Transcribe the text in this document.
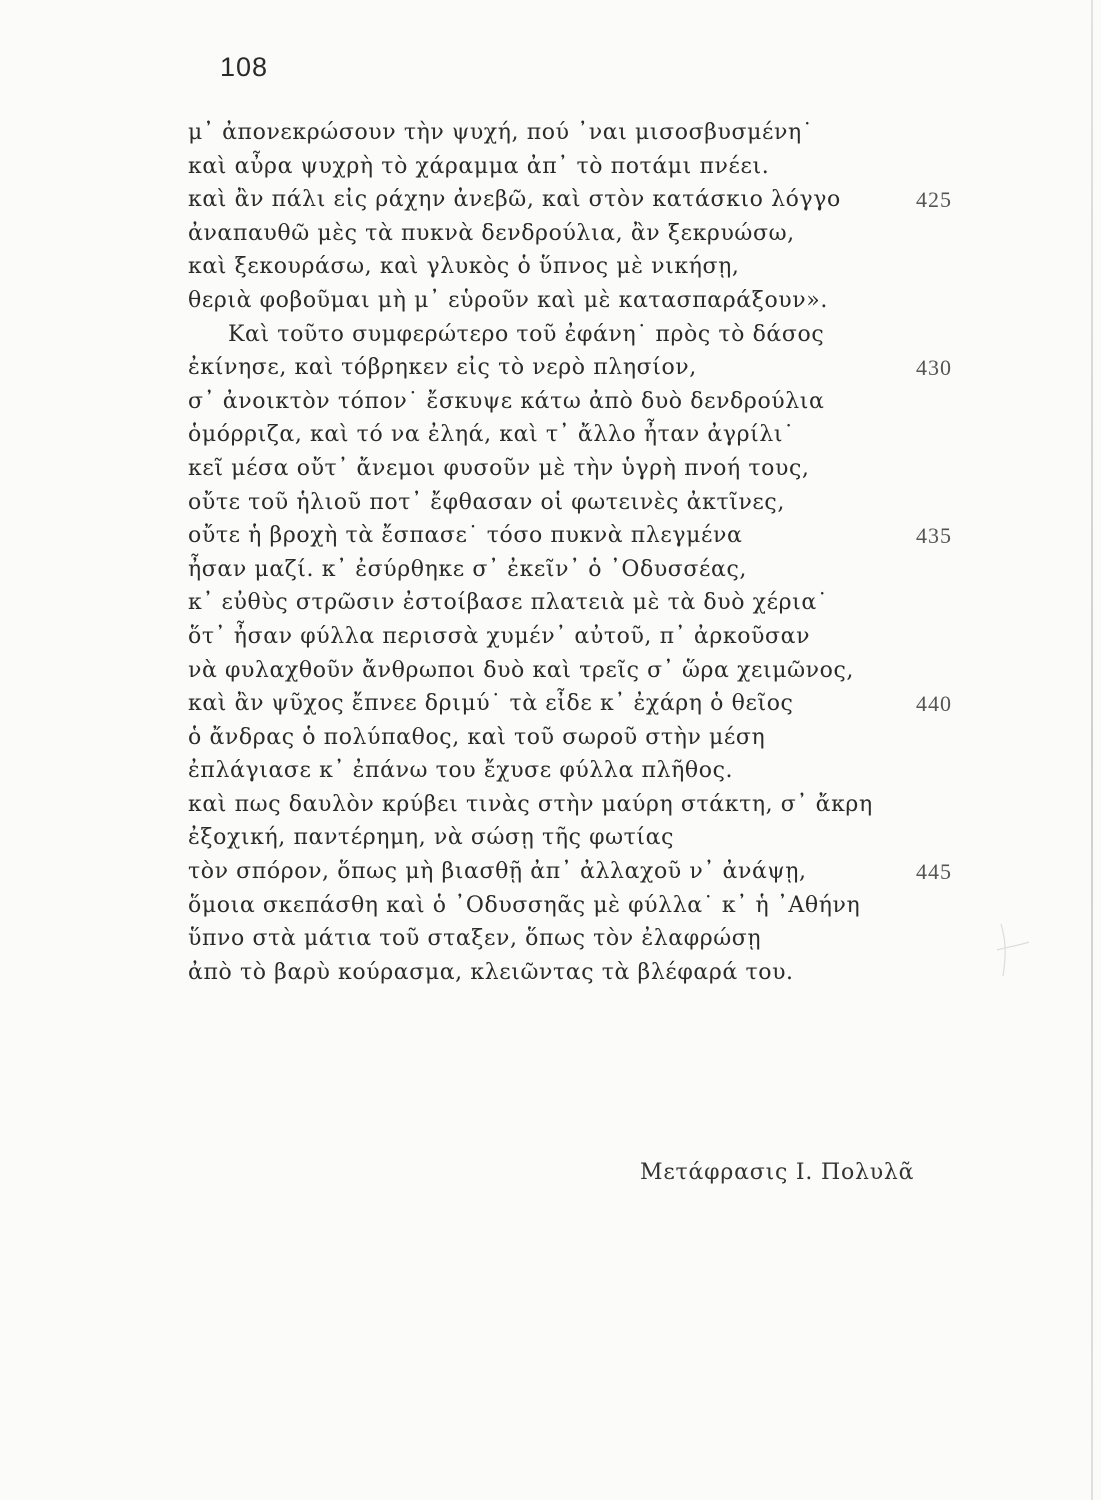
108
μ᾽ ἀπονεκρώσουν τὴν ψυχή, πού ᾽ναι μισοσβυσμένη˙
καὶ αὖρα ψυχρὴ τὸ χάραμμα ἀπ᾽ τὸ ποτάμι πνέει.
καὶ ἂν πάλι εἰς ράχην ἀνεβῶ, καὶ στὸν κατάσκιο λόγγο	425
ἀναπαυθῶ μὲς τὰ πυκνὰ δενδρούλια, ἂν ξεκρυώσω,
καὶ ξεκουράσω, καὶ γλυκὸς ὁ ὕπνος μὲ νικήσῃ,
θεριὰ φοβοῦμαι μὴ μ᾽ εὑροῦν καὶ μὲ κατασπαράξουν».
Καὶ τοῦτο συμφερώτερο τοῦ ἐφάνη˙ πρὸς τὸ δάσος
ἐκίνησε, καὶ τόβρηκεν εἰς τὸ νερὸ πλησίον,	430
σ᾽ ἀνοικτὸν τόπον˙ ἔσκυψε κάτω ἀπὸ δυὸ δενδρούλια
ὁμόρριζα, καὶ τό να ἐληά, καὶ τ᾽ ἄλλο ἦταν ἀγρίλι˙
κεῖ μέσα οὔτ᾽ ἄνεμοι φυσοῦν μὲ τὴν ὑγρὴ πνοή τους,
οὔτε τοῦ ἡλιοῦ ποτ᾽ ἔφθασαν οἱ φωτεινὲς ἀκτῖνες,
οὔτε ἡ βροχὴ τὰ ἔσπασε˙ τόσο πυκνὰ πλεγμένα	435
ἦσαν μαζί. κ᾽ ἐσύρθηκε σ᾽ ἐκεῖν᾽ ὁ ᾽Οδυσσέας,
κ᾽ εὐθὺς στρῶσιν ἐστοίβασε πλατειὰ μὲ τὰ δυὸ χέρια˙
ὅτ᾽ ἦσαν φύλλα περισσὰ χυμέν᾽ αὐτοῦ, π᾽ ἀρκοῦσαν
νὰ φυλαχθοῦν ἄνθρωποι δυὸ καὶ τρεῖς σ᾽ ὥρα χειμῶνος,
καὶ ἂν ψῦχος ἔπνεε δριμύ˙ τὰ εἶδε κ᾽ ἐχάρη ὁ θεῖος	440
ὁ ἄνδρας ὁ πολύπαθος, καὶ τοῦ σωροῦ στὴν μέση
ἐπλάγιασε κ᾽ ἐπάνω του ἔχυσε φύλλα πλῆθος.
καὶ πως δαυλὸν κρύβει τινὰς στὴν μαύρη στάκτη, σ᾽ ἄκρη
ἐξοχική, παντέρημη, νὰ σώσῃ τῆς φωτίας
τὸν σπόρον, ὅπως μὴ βιασθῇ ἀπ᾽ ἀλλαχοῦ ν᾽ ἀνάψῃ,	445
ὅμοια σκεπάσθη καὶ ὁ ᾽Οδυσσηᾶς μὲ φύλλα˙ κ᾽ ἡ ᾽Αθήνη
ὕπνο στὰ μάτια τοῦ σταξεν, ὅπως τὸν ἐλαφρώσῃ
ἀπὸ τὸ βαρὺ κούρασμα, κλειῶντας τὰ βλέφαρά του.
Μετάφρασις Ι. Πολυλᾶ
